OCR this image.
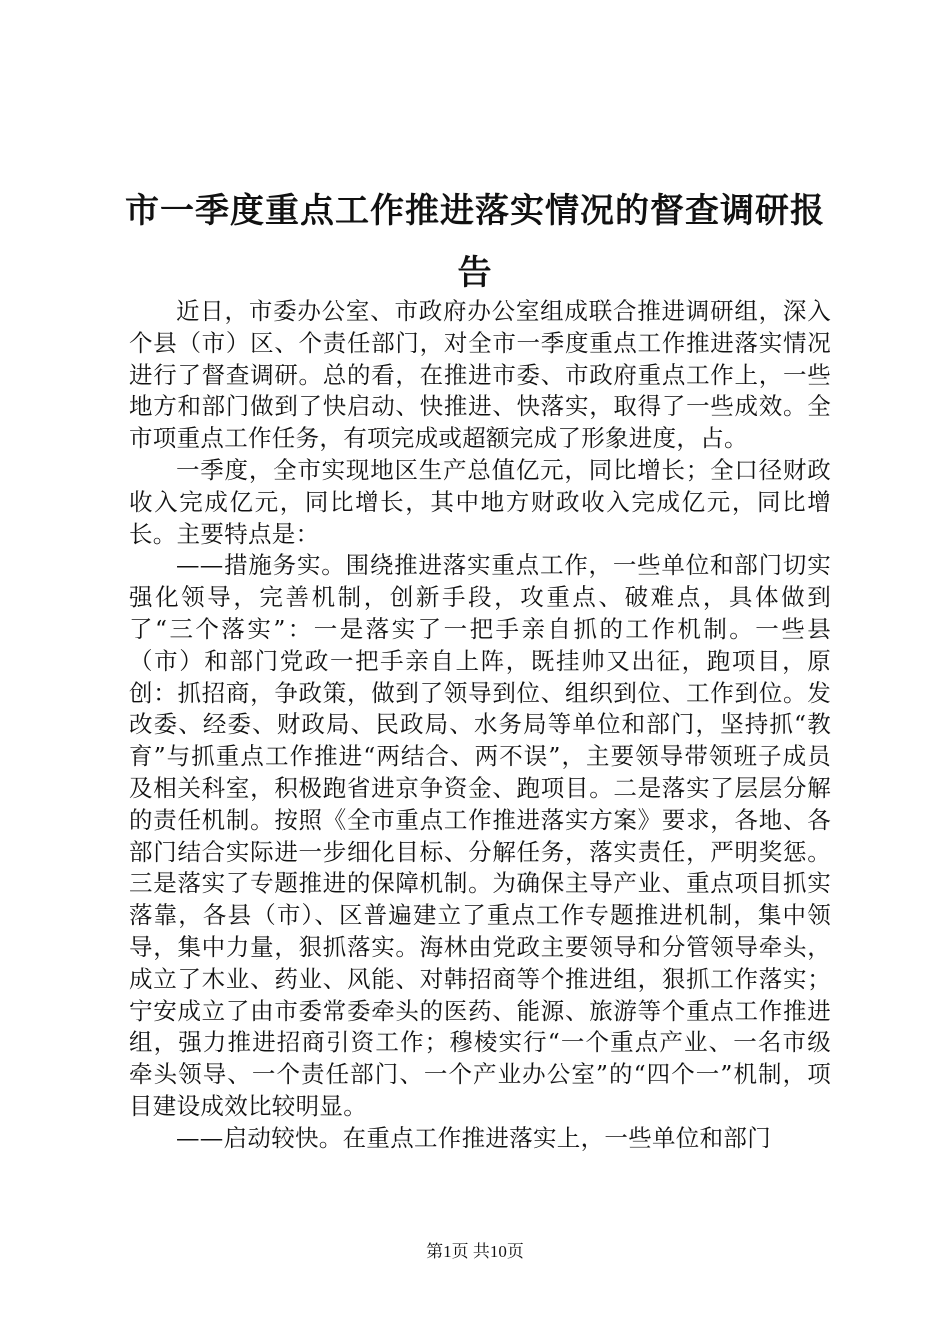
市一季度重点工作推进落实情况的督查调研报告

近日，市委办公室、市政府办公室组成联合推进调研组，深入个县（市）区、个责任部门，对全市一季度重点工作推进落实情况进行了督查调研。总的看，在推进市委、市政府重点工作上，一些地方和部门做到了快启动、快推进、快落实，取得了一些成效。全市项重点工作任务，有项完成或超额完成了形象进度，占。

一季度，全市实现地区生产总值亿元，同比增长；全口径财政收入完成亿元，同比增长，其中地方财政收入完成亿元，同比增长。主要特点是：

——措施务实。围绕推进落实重点工作，一些单位和部门切实强化领导，完善机制，创新手段，攻重点、破难点，具体做到了“三个落实”：一是落实了一把手亲自抓的工作机制。一些县（市）和部门党政一把手亲自上阵，既挂帅又出征，跑项目，原创：抓招商，争政策，做到了领导到位、组织到位、工作到位。发改委、经委、财政局、民政局、水务局等单位和部门，坚持抓“教育”与抓重点工作推进“两结合、两不误”，主要领导带领班子成员及相关科室，积极跑省进京争资金、跑项目。二是落实了层层分解的责任机制。按照《全市重点工作推进落实方案》要求，各地、各部门结合实际进一步细化目标、分解任务，落实责任，严明奖惩。三是落实了专题推进的保障机制。为确保主导产业、重点项目抓实落靠，各县（市）、区普遍建立了重点工作专题推进机制，集中领导，集中力量，狠抓落实。海林由党政主要领导和分管领导牵头，成立了木业、药业、风能、对韩招商等个推进组，狠抓工作落实；宁安成立了由市委常委牵头的医药、能源、旅游等个重点工作推进组，强力推进招商引资工作；穆棱实行“一个重点产业、一名市级牵头领导、一个责任部门、一个产业办公室”的“四个一”机制，项目建设成效比较明显。

——启动较快。在重点工作推进落实上，一些单位和部门

第1页 共10页
